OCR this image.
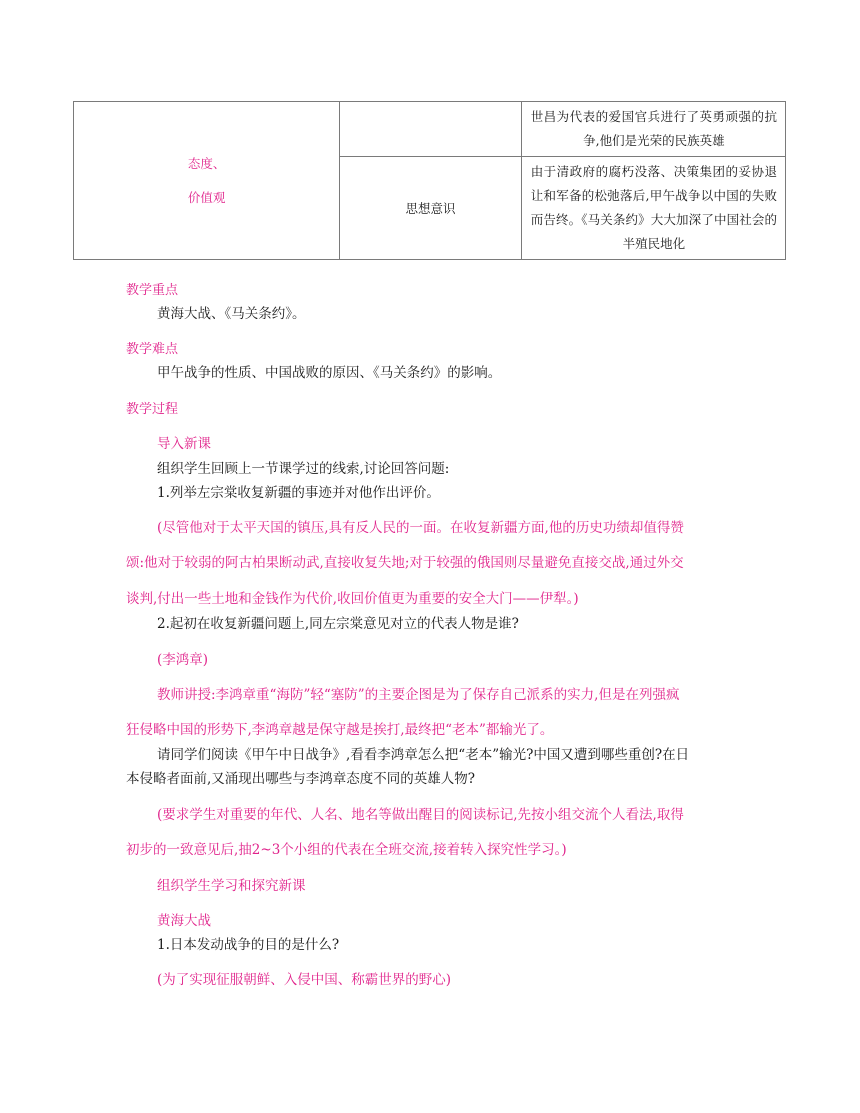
态度、
价值观		世昌为代表的爱国官兵进行了英勇顽强的抗争,他们是光荣的民族英雄

	思想意识	由于清政府的腐朽没落、决策集团的妥协退让和军备的松弛落后,甲午战争以中国的失败而告终。《马关条约》大大加深了中国社会的半殖民地化
教学重点
黄海大战、《马关条约》。
教学难点
甲午战争的性质、中国战败的原因、《马关条约》的影响。
教学过程
导入新课
组织学生回顾上一节课学过的线索,讨论回答问题:
1.列举左宗棠收复新疆的事迹并对他作出评价。
(尽管他对于太平天国的镇压,具有反人民的一面。在收复新疆方面,他的历史功绩却值得赞
颂:他对于较弱的阿古柏果断动武,直接收复失地;对于较强的俄国则尽量避免直接交战,通过外交
谈判,付出一些土地和金钱作为代价,收回价值更为重要的安全大门——伊犁。)
2.起初在收复新疆问题上,同左宗棠意见对立的代表人物是谁?
(李鸿章)
教师讲授:李鸿章重“海防”轻“塞防”的主要企图是为了保存自己派系的实力,但是在列强疯
狂侵略中国的形势下,李鸿章越是保守越是挨打,最终把“老本”都输光了。
请同学们阅读《甲午中日战争》,看看李鸿章怎么把“老本”输光?中国又遭到哪些重创?在日
本侵略者面前,又涌现出哪些与李鸿章态度不同的英雄人物?
(要求学生对重要的年代、人名、地名等做出醒目的阅读标记,先按小组交流个人看法,取得
初步的一致意见后,抽2~3个小组的代表在全班交流,接着转入探究性学习。)
组织学生学习和探究新课
黄海大战
1.日本发动战争的目的是什么?
(为了实现征服朝鲜、入侵中国、称霸世界的野心)
